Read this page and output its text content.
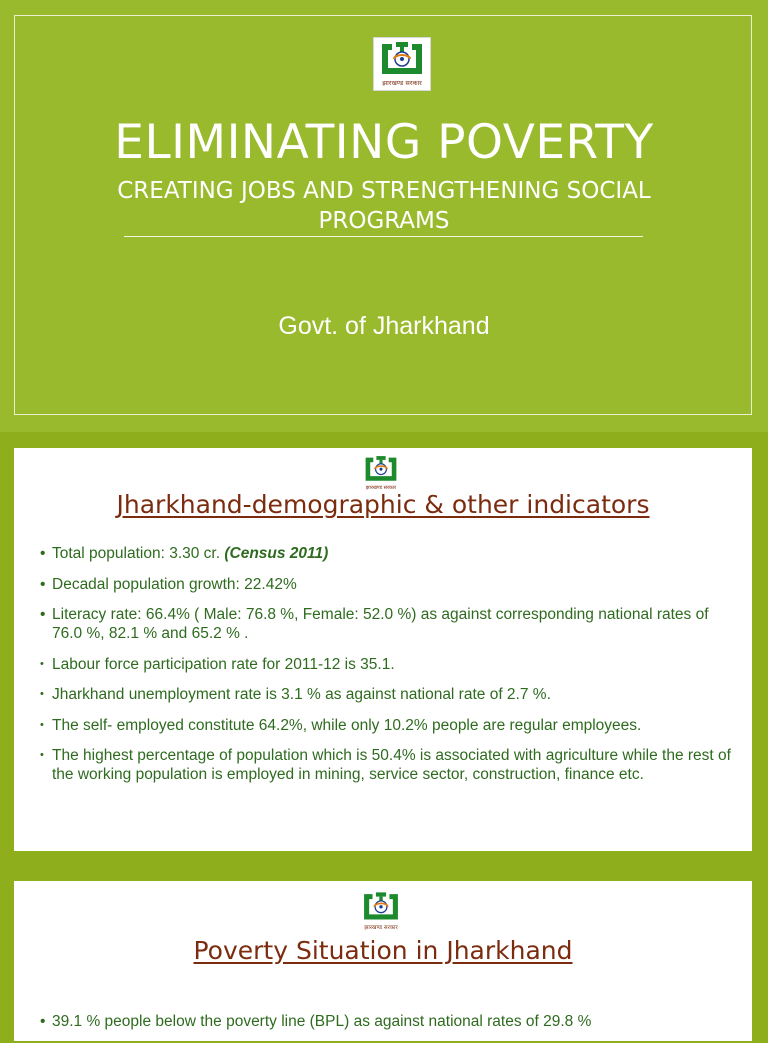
झारखण्ड सरकार
ELIMINATING POVERTY
CREATING JOBS AND STRENGTHENING SOCIAL PROGRAMS
Govt. of Jharkhand
झारखण्ड सरकार
Jharkhand-demographic & other indicators
• Total population: 3.30 cr. (Census 2011)
• Decadal population growth: 22.42%
• Literacy rate: 66.4% ( Male: 76.8 %, Female: 52.0 %) as against corresponding national rates of 76.0 %, 82.1 % and 65.2 % .
• Labour force participation rate for 2011-12 is 35.1.
• Jharkhand unemployment rate is 3.1 % as against national rate of 2.7 %.
• The self- employed constitute 64.2%, while only 10.2% people are regular employees.
• The highest percentage of population which is 50.4% is associated with agriculture while the rest of the working population is employed in mining, service sector, construction, finance etc.
झारखण्ड सरकार
Poverty Situation in Jharkhand
• 39.1 % people below the poverty line (BPL) as against national rates of 29.8 %
